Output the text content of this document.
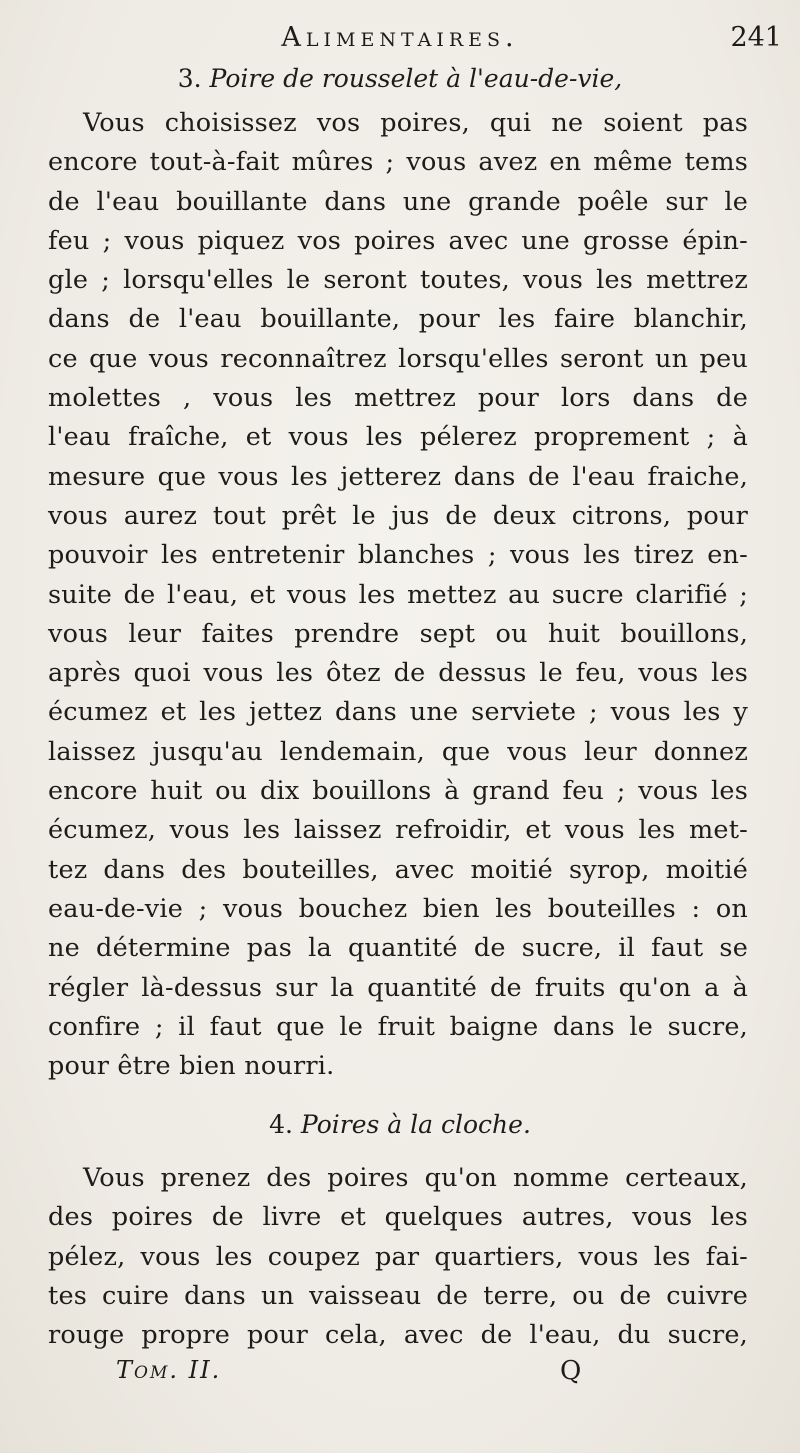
Alimentaires.	241
3. Poire de rousselet à l'eau-de-vie,
Vous choisissez vos poires, qui ne soient pas
encore tout-à-fait mûres ; vous avez en même tems
de l'eau bouillante dans une grande poêle sur le
feu ; vous piquez vos poires avec une grosse épin-
gle ; lorsqu'elles le seront toutes, vous les mettrez
dans de l'eau bouillante, pour les faire blanchir,
ce que vous reconnaîtrez lorsqu'elles seront un peu
molettes , vous les mettrez pour lors dans de
l'eau fraîche, et vous les pélerez proprement ; à
mesure que vous les jetterez dans de l'eau fraiche,
vous aurez tout prêt le jus de deux citrons, pour
pouvoir les entretenir blanches ; vous les tirez en-
suite de l'eau, et vous les mettez au sucre clarifié ;
vous leur faites prendre sept ou huit bouillons,
après quoi vous les ôtez de dessus le feu, vous les
écumez et les jettez dans une serviete ; vous les y
laissez jusqu'au lendemain, que vous leur donnez
encore huit ou dix bouillons à grand feu ; vous les
écumez, vous les laissez refroidir, et vous les met-
tez dans des bouteilles, avec moitié syrop, moitié
eau-de-vie ; vous bouchez bien les bouteilles : on
ne détermine pas la quantité de sucre, il faut se
régler là-dessus sur la quantité de fruits qu'on a à
confire ; il faut que le fruit baigne dans le sucre,
pour être bien nourri.
4. Poires à la cloche.
Vous prenez des poires qu'on nomme certeaux,
des poires de livre et quelques autres, vous les
pélez, vous les coupez par quartiers, vous les fai-
tes cuire dans un vaisseau de terre, ou de cuivre
rouge propre pour cela, avec de l'eau, du sucre,
Tom. II.	Q
